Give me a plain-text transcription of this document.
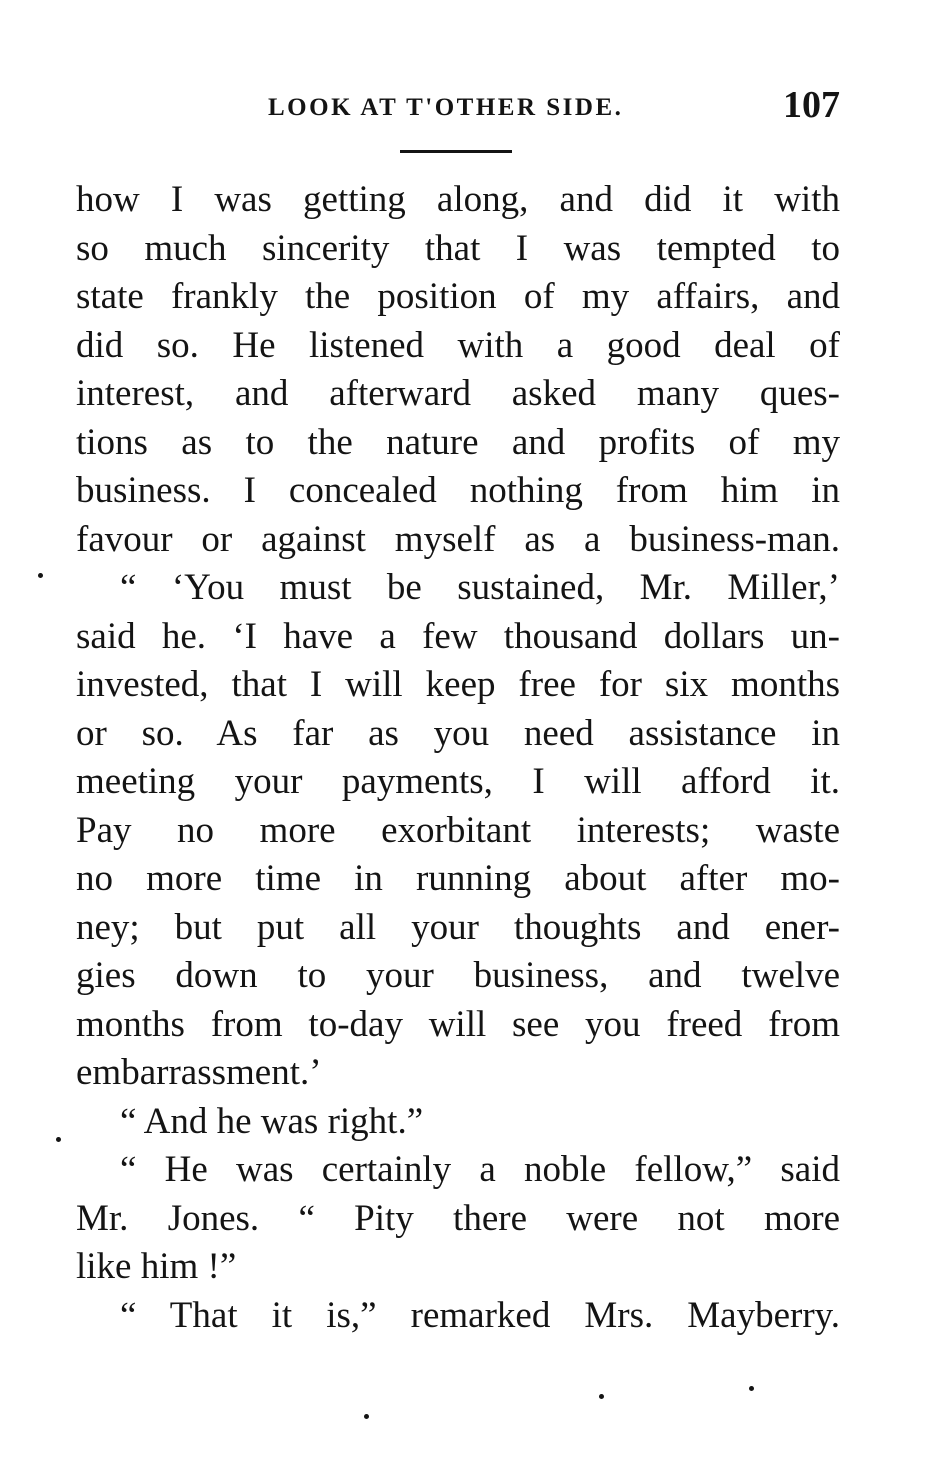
LOOK AT T'OTHER SIDE.	107
how I was getting along, and did it with
so much sincerity that I was tempted to
state frankly the position of my affairs, and
did so. He listened with a good deal of
interest, and afterward asked many ques-
tions as to the nature and profits of my
business. I concealed nothing from him in
favour or against myself as a business-man.
“ ‘You must be sustained, Mr. Miller,’
said he. ‘I have a few thousand dollars un-
invested, that I will keep free for six months
or so. As far as you need assistance in
meeting your payments, I will afford it.
Pay no more exorbitant interests; waste
no more time in running about after mo-
ney; but put all your thoughts and ener-
gies down to your business, and twelve
months from to-day will see you freed from
embarrassment.’
“ And he was right.”
“ He was certainly a noble fellow,” said
Mr. Jones. “ Pity there were not more
like him !”
“ That it is,” remarked Mrs. Mayberry.
